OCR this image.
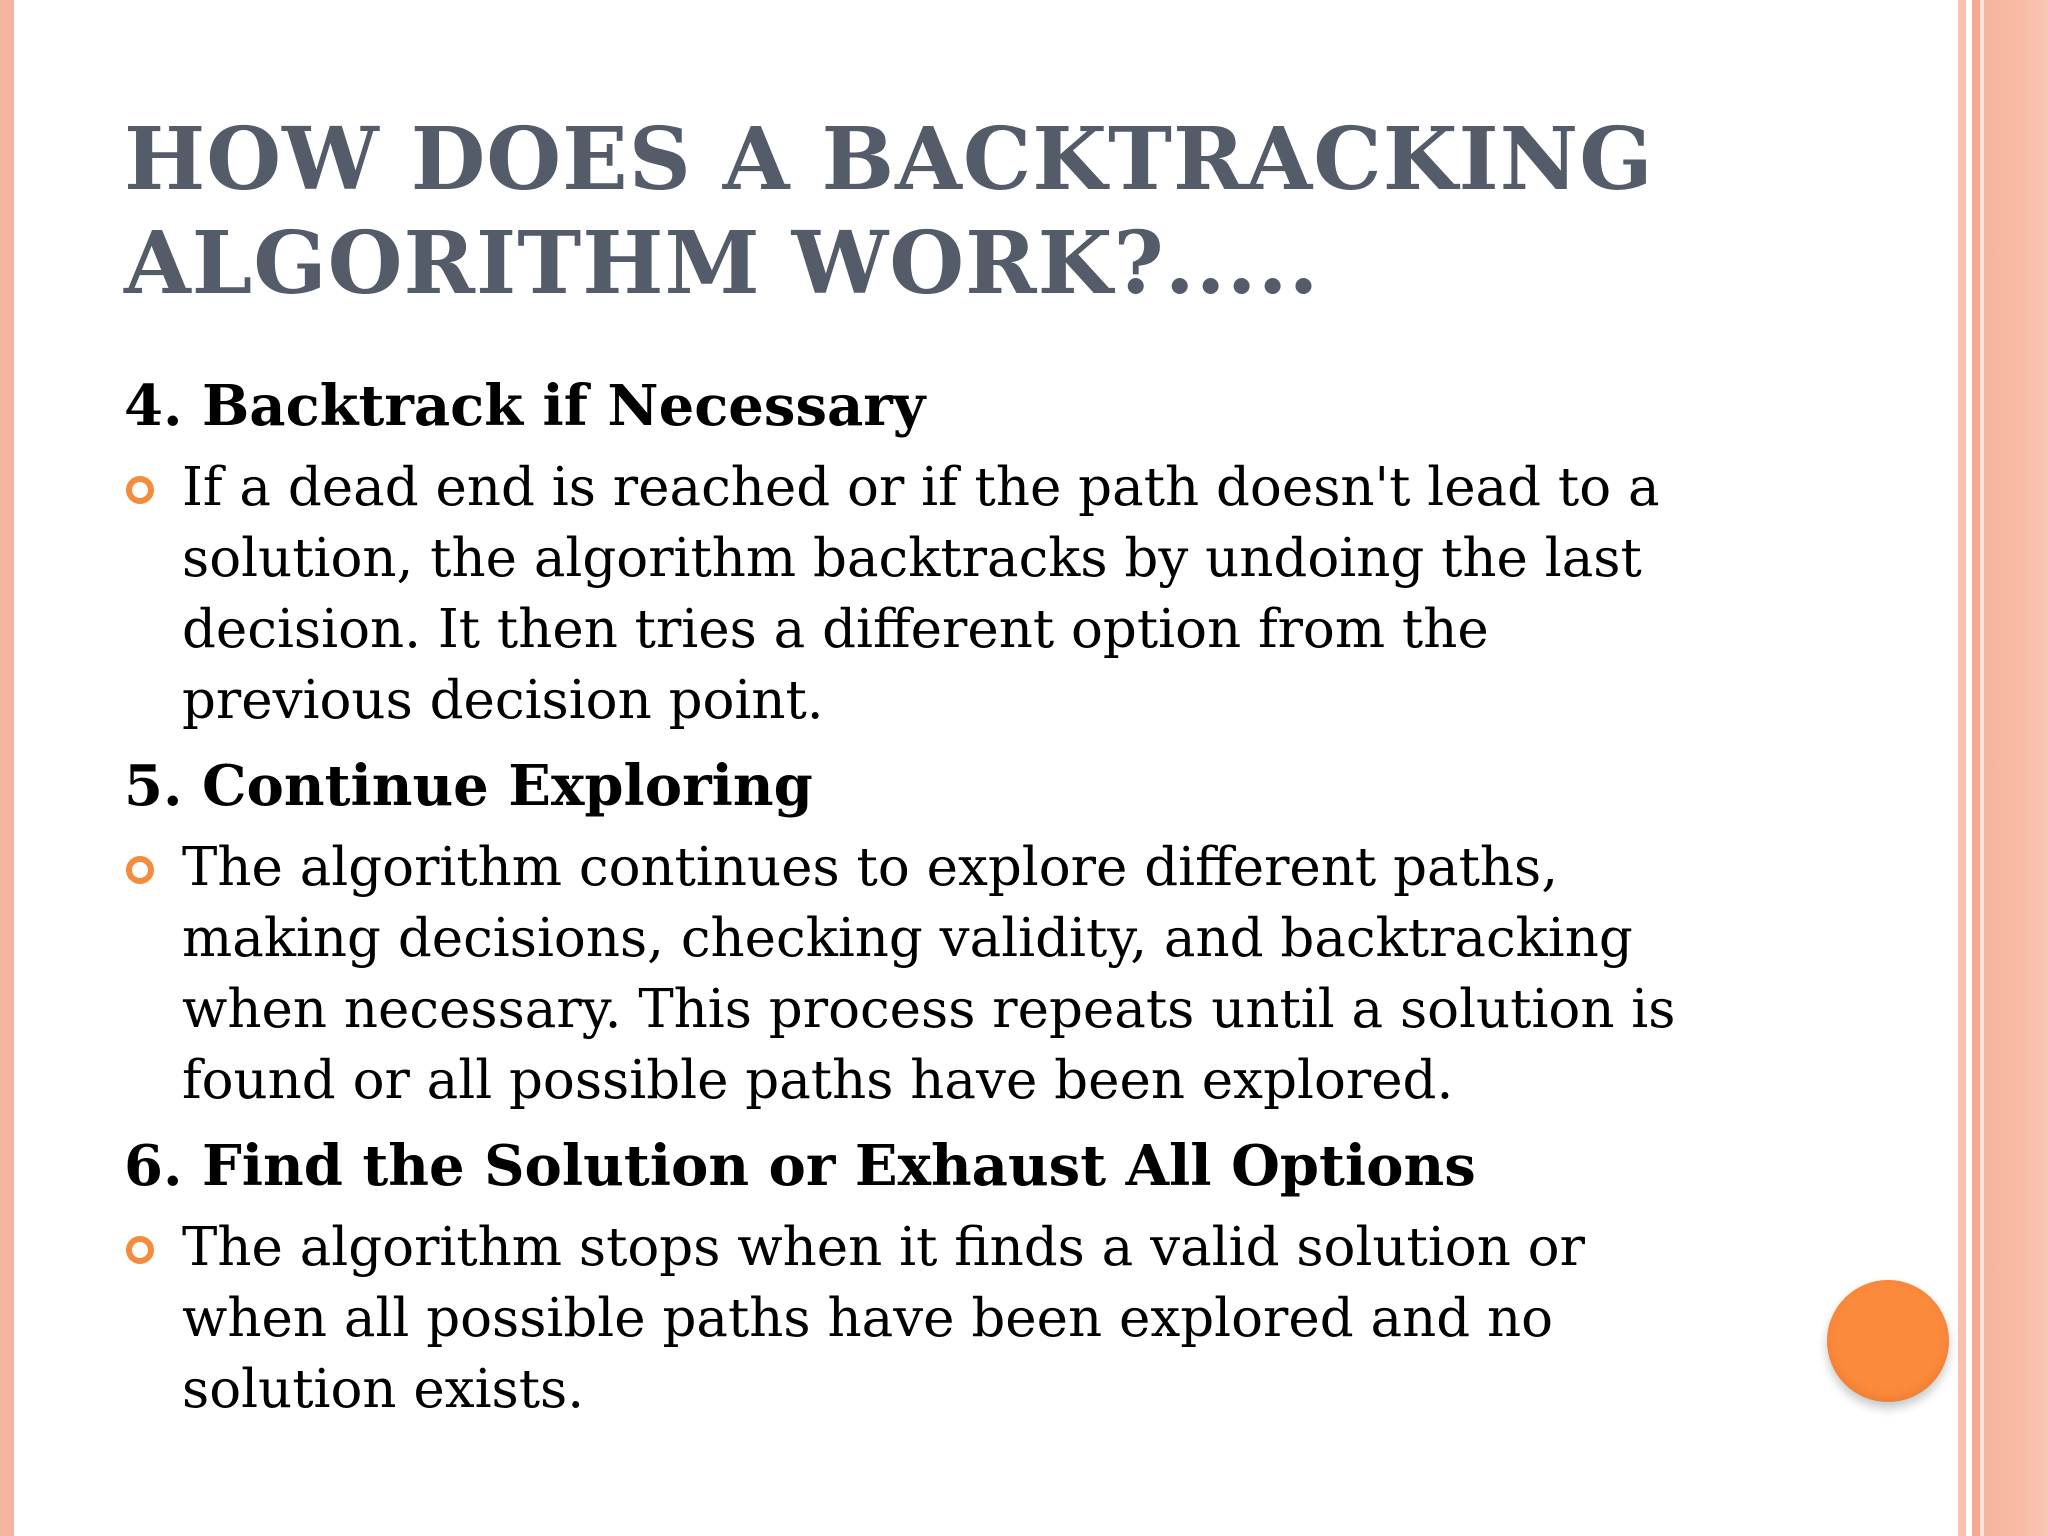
HOW DOES A BACKTRACKING
ALGORITHM WORK?.....

4. Backtrack if Necessary

If a dead end is reached or if the path doesn't lead to a
solution, the algorithm backtracks by undoing the last
decision. It then tries a different option from the
previous decision point.

5. Continue Exploring

The algorithm continues to explore different paths,
making decisions, checking validity, and backtracking
when necessary. This process repeats until a solution is
found or all possible paths have been explored.

6. Find the Solution or Exhaust All Options

The algorithm stops when it finds a valid solution or
when all possible paths have been explored and no
solution exists.
